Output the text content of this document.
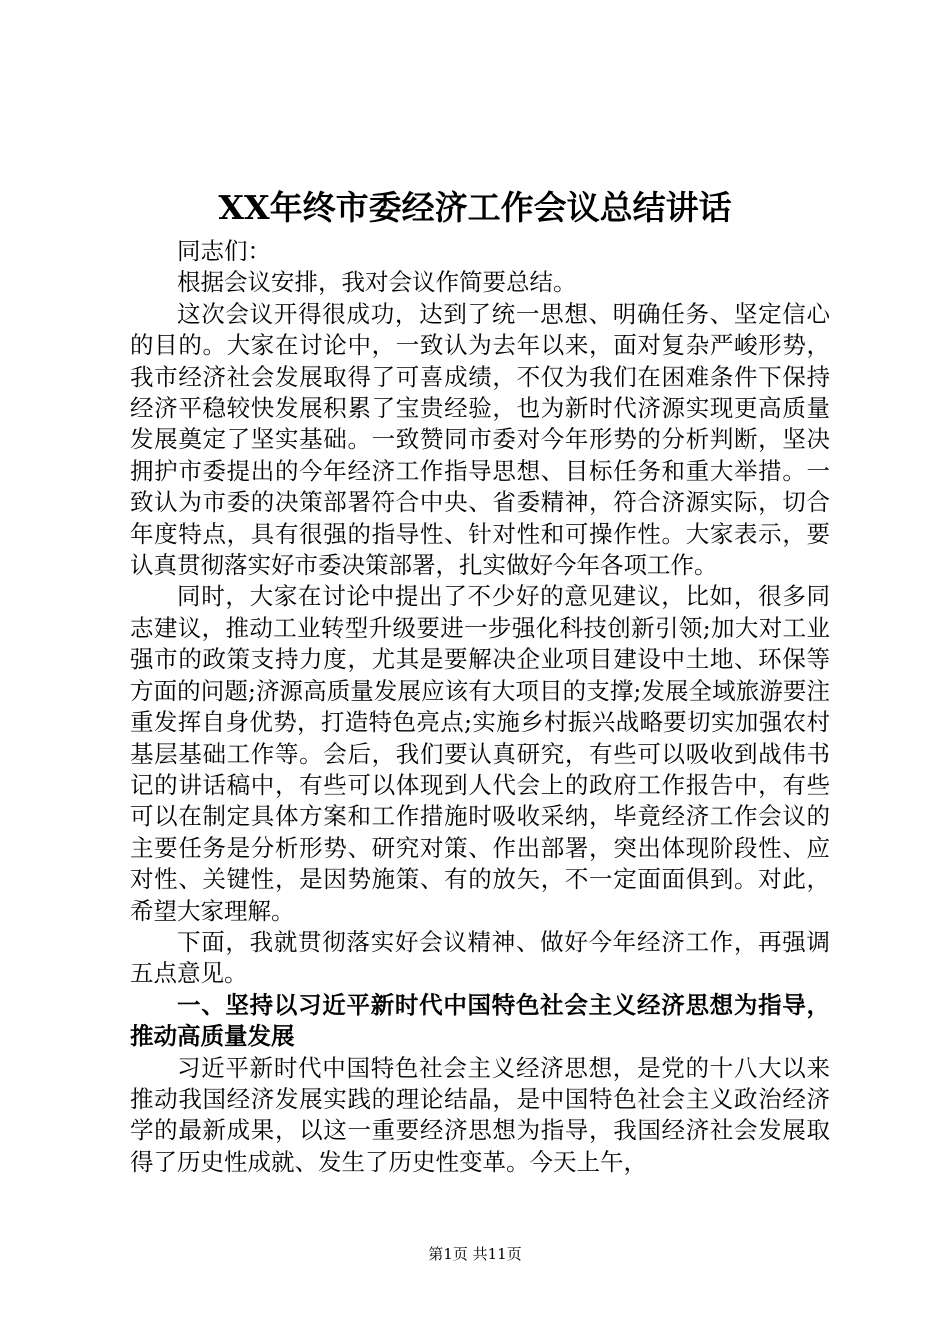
XX年终市委经济工作会议总结讲话

同志们：

根据会议安排，我对会议作简要总结。

这次会议开得很成功，达到了统一思想、明确任务、坚定信心的目的。大家在讨论中，一致认为去年以来，面对复杂严峻形势，我市经济社会发展取得了可喜成绩，不仅为我们在困难条件下保持经济平稳较快发展积累了宝贵经验，也为新时代济源实现更高质量发展奠定了坚实基础。一致赞同市委对今年形势的分析判断，坚决拥护市委提出的今年经济工作指导思想、目标任务和重大举措。一致认为市委的决策部署符合中央、省委精神，符合济源实际，切合年度特点，具有很强的指导性、针对性和可操作性。大家表示，要认真贯彻落实好市委决策部署，扎实做好今年各项工作。

同时，大家在讨论中提出了不少好的意见建议，比如，很多同志建议，推动工业转型升级要进一步强化科技创新引领;加大对工业强市的政策支持力度，尤其是要解决企业项目建设中土地、环保等方面的问题;济源高质量发展应该有大项目的支撑;发展全域旅游要注重发挥自身优势，打造特色亮点;实施乡村振兴战略要切实加强农村基层基础工作等。会后，我们要认真研究，有些可以吸收到战伟书记的讲话稿中，有些可以体现到人代会上的政府工作报告中，有些可以在制定具体方案和工作措施时吸收采纳，毕竟经济工作会议的主要任务是分析形势、研究对策、作出部署，突出体现阶段性、应对性、关键性，是因势施策、有的放矢，不一定面面俱到。对此，希望大家理解。

下面，我就贯彻落实好会议精神、做好今年经济工作，再强调五点意见。

一、坚持以习近平新时代中国特色社会主义经济思想为指导，推动高质量发展

习近平新时代中国特色社会主义经济思想，是党的十八大以来推动我国经济发展实践的理论结晶，是中国特色社会主义政治经济学的最新成果，以这一重要经济思想为指导，我国经济社会发展取得了历史性成就、发生了历史性变革。今天上午，

第1页 共11页
